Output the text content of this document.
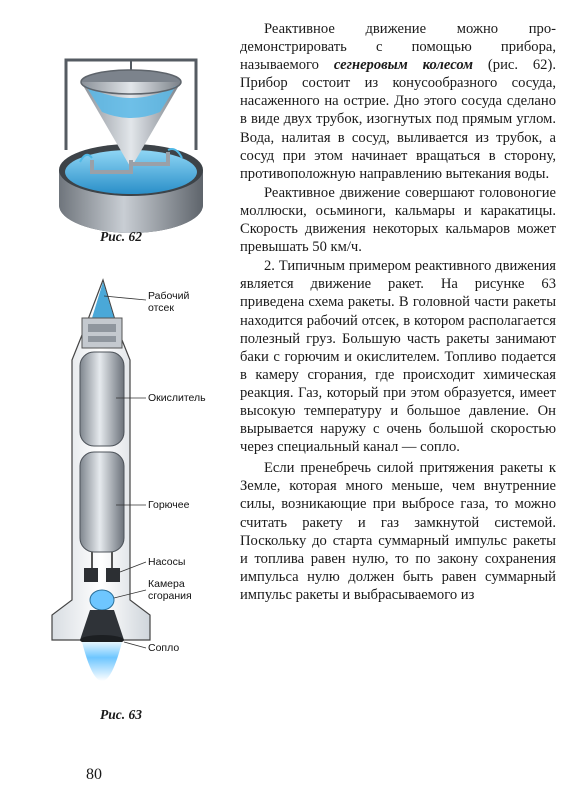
Рис. 62
Рабочий
отсек
Окислитель
Горючее
Насосы
Камера
сгорания
Сопло
Рис. 63

Реактивное движение можно продемонстрировать с помощью прибора, называемого сегнеровым колесом (рис. 62). Прибор состоит из конусообразного сосуда, насаженного на острие. Дно этого сосуда сделано в виде двух трубок, изогнутых под прямым углом. Вода, налитая в сосуд, выливается из трубок, а сосуд при этом начинает вращаться в сторону, противоположную направлению вытекания воды.

Реактивное движение совершают головоногие моллюски, осьминоги, кальмары и каракатицы. Скорость движения некоторых кальмаров может превышать 50 км/ч.

2. Типичным примером реактивного движения является движение ракет. На рисунке 63 приведена схема ракеты. В головной части ракеты находится рабочий отсек, в котором располагается полезный груз. Большую часть ракеты занимают баки с горючим и окислителем. Топливо подается в камеру сгорания, где происходит химическая реакция. Газ, который при этом образуется, имеет высокую температуру и большое давление. Он вырывается наружу с очень большой скоростью через специальный канал — сопло.

Если пренебречь силой притяжения ракеты к Земле, которая много меньше, чем внутренние силы, возникающие при выбросе газа, то можно считать ракету и газ замкнутой системой. Поскольку до старта суммарный импульс ракеты и топлива равен нулю, то по закону сохранения импульса нулю должен быть равен суммарный импульс ракеты и выбрасываемого из

80
